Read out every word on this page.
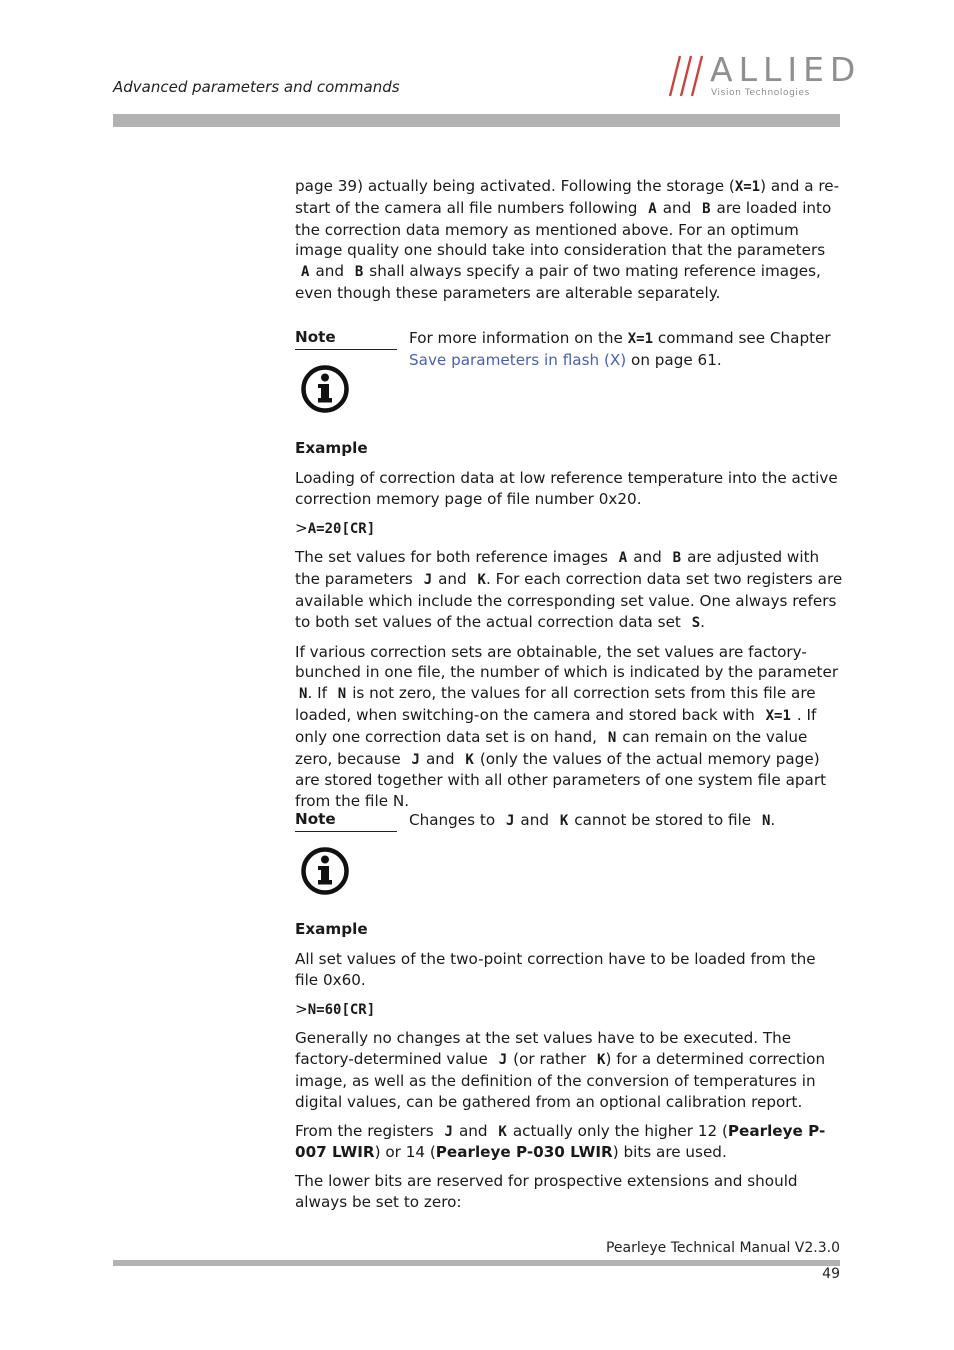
Advanced parameters and commands	ALLIED
Vision Technologies

page 39) actually being activated. Following the storage (X=1) and a re-start of the camera all file numbers following A and B are loaded into the correction data memory as mentioned above. For an optimum image quality one should take into consideration that the parameters A and B shall always specify a pair of two mating reference images, even though these parameters are alterable separately.

Note	For more information on the X=1 command see Chapter Save parameters in flash (X) on page 61.
Example

Loading of correction data at low reference temperature into the active correction memory page of file number 0x20.

>A=20[CR]

The set values for both reference images A and B are adjusted with the parameters J and K. For each correction data set two registers are available which include the corresponding set value. One always refers to both set values of the actual correction data set S.

If various correction sets are obtainable, the set values are factory-bunched in one file, the number of which is indicated by the parameter N. If N is not zero, the values for all correction sets from this file are loaded, when switching-on the camera and stored back with X=1 . If only one correction data set is on hand, N can remain on the value zero, because J and K (only the values of the actual memory page) are stored together with all other parameters of one system file apart from the file N.

Note	Changes to J and K cannot be stored to file N.
Example

All set values of the two-point correction have to be loaded from the file 0x60.

>N=60[CR]

Generally no changes at the set values have to be executed. The factory-determined value J (or rather K) for a determined correction image, as well as the definition of the conversion of temperatures in digital values, can be gathered from an optional calibration report.

From the registers J and K actually only the higher 12 (Pearleye P-007 LWIR) or 14 (Pearleye P-030 LWIR) bits are used.

The lower bits are reserved for prospective extensions and should always be set to zero:

Pearleye Technical Manual V2.3.0
49
